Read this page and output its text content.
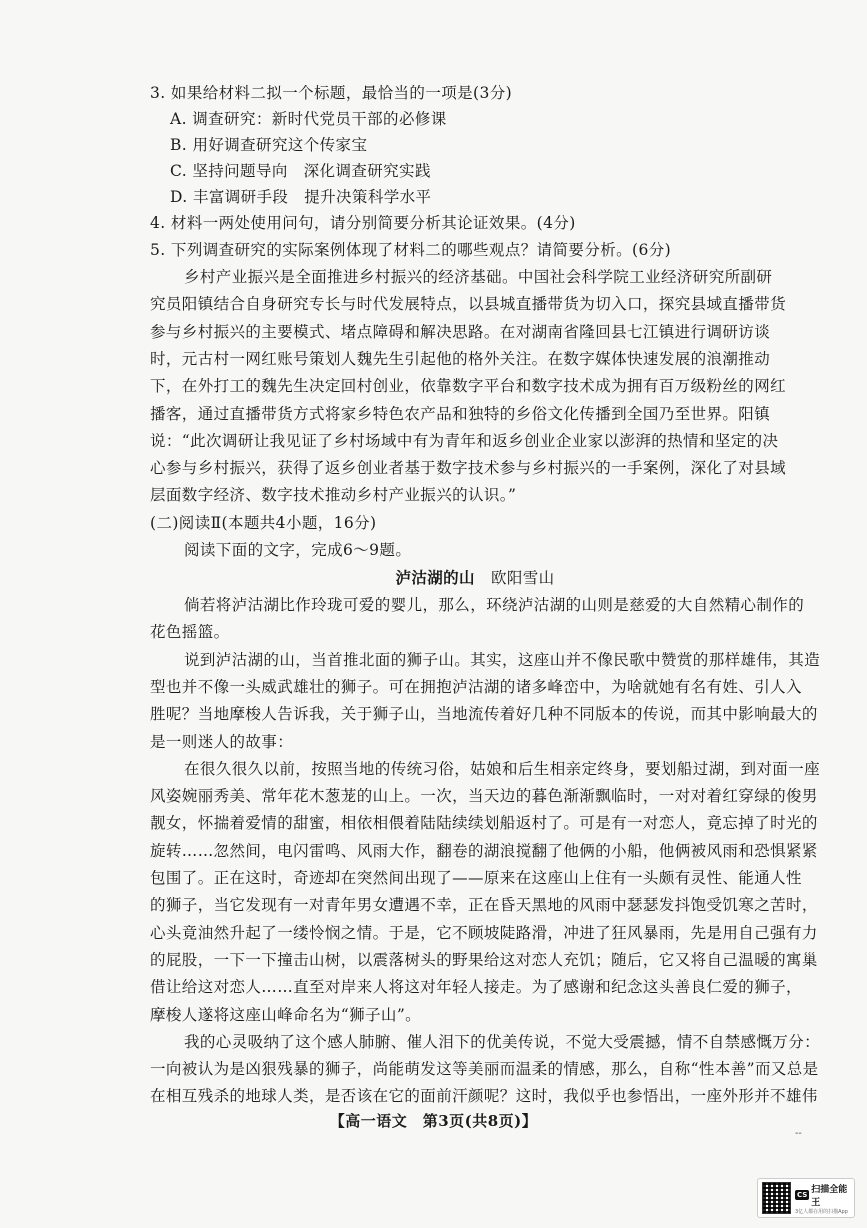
3. 如果给材料二拟一个标题，最恰当的一项是(3分)
A. 调查研究：新时代党员干部的必修课
B. 用好调查研究这个传家宝
C. 坚持问题导向　深化调查研究实践
D. 丰富调研手段　提升决策科学水平
4. 材料一两处使用问句，请分别简要分析其论证效果。(4分)
5. 下列调查研究的实际案例体现了材料二的哪些观点？请简要分析。(6分)
乡村产业振兴是全面推进乡村振兴的经济基础。中国社会科学院工业经济研究所副研
究员阳镇结合自身研究专长与时代发展特点，以县城直播带货为切入口，探究县域直播带货
参与乡村振兴的主要模式、堵点障碍和解决思路。在对湖南省隆回县七江镇进行调研访谈
时，元古村一网红账号策划人魏先生引起他的格外关注。在数字媒体快速发展的浪潮推动
下，在外打工的魏先生决定回村创业，依靠数字平台和数字技术成为拥有百万级粉丝的网红
播客，通过直播带货方式将家乡特色农产品和独特的乡俗文化传播到全国乃至世界。阳镇
说：“此次调研让我见证了乡村场域中有为青年和返乡创业企业家以澎湃的热情和坚定的决
心参与乡村振兴，获得了返乡创业者基于数字技术参与乡村振兴的一手案例，深化了对县域
层面数字经济、数字技术推动乡村产业振兴的认识。”
(二)阅读Ⅱ(本题共4小题，16分)
阅读下面的文字，完成6～9题。
泸沽湖的山 欧阳雪山
倘若将泸沽湖比作玲珑可爱的婴儿，那么，环绕泸沽湖的山则是慈爱的大自然精心制作的
花色摇篮。
说到泸沽湖的山，当首推北面的狮子山。其实，这座山并不像民歌中赞赏的那样雄伟，其造
型也并不像一头威武雄壮的狮子。可在拥抱泸沽湖的诸多峰峦中，为啥就她有名有姓、引人入
胜呢？当地摩梭人告诉我，关于狮子山，当地流传着好几种不同版本的传说，而其中影响最大的
是一则迷人的故事：
在很久很久以前，按照当地的传统习俗，姑娘和后生相亲定终身，要划船过湖，到对面一座
风姿婉丽秀美、常年花木葱茏的山上。一次，当天边的暮色渐渐飘临时，一对对着红穿绿的俊男
靓女，怀揣着爱情的甜蜜，相依相偎着陆陆续续划船返村了。可是有一对恋人，竟忘掉了时光的
旋转……忽然间，电闪雷鸣、风雨大作，翻卷的湖浪搅翻了他俩的小船，他俩被风雨和恐惧紧紧
包围了。正在这时，奇迹却在突然间出现了——原来在这座山上住有一头颇有灵性、能通人性
的狮子，当它发现有一对青年男女遭遇不幸，正在昏天黑地的风雨中瑟瑟发抖饱受饥寒之苦时，
心头竟油然升起了一缕怜悯之情。于是，它不顾坡陡路滑，冲进了狂风暴雨，先是用自己强有力
的屁股，一下一下撞击山树，以震落树头的野果给这对恋人充饥；随后，它又将自己温暖的寓巢
借让给这对恋人……直至对岸来人将这对年轻人接走。为了感谢和纪念这头善良仁爱的狮子，
摩梭人遂将这座山峰命名为“狮子山”。
我的心灵吸纳了这个感人肺腑、催人泪下的优美传说，不觉大受震撼，情不自禁感慨万分：
一向被认为是凶狠残暴的狮子，尚能萌发这等美丽而温柔的情感，那么，自称“性本善”而又总是
在相互残杀的地球人类，是否该在它的面前汗颜呢？这时，我似乎也参悟出，一座外形并不雄伟
【高一语文　第3页(共8页)】
--
CS 扫描全能王
3亿人都在用的扫描App
